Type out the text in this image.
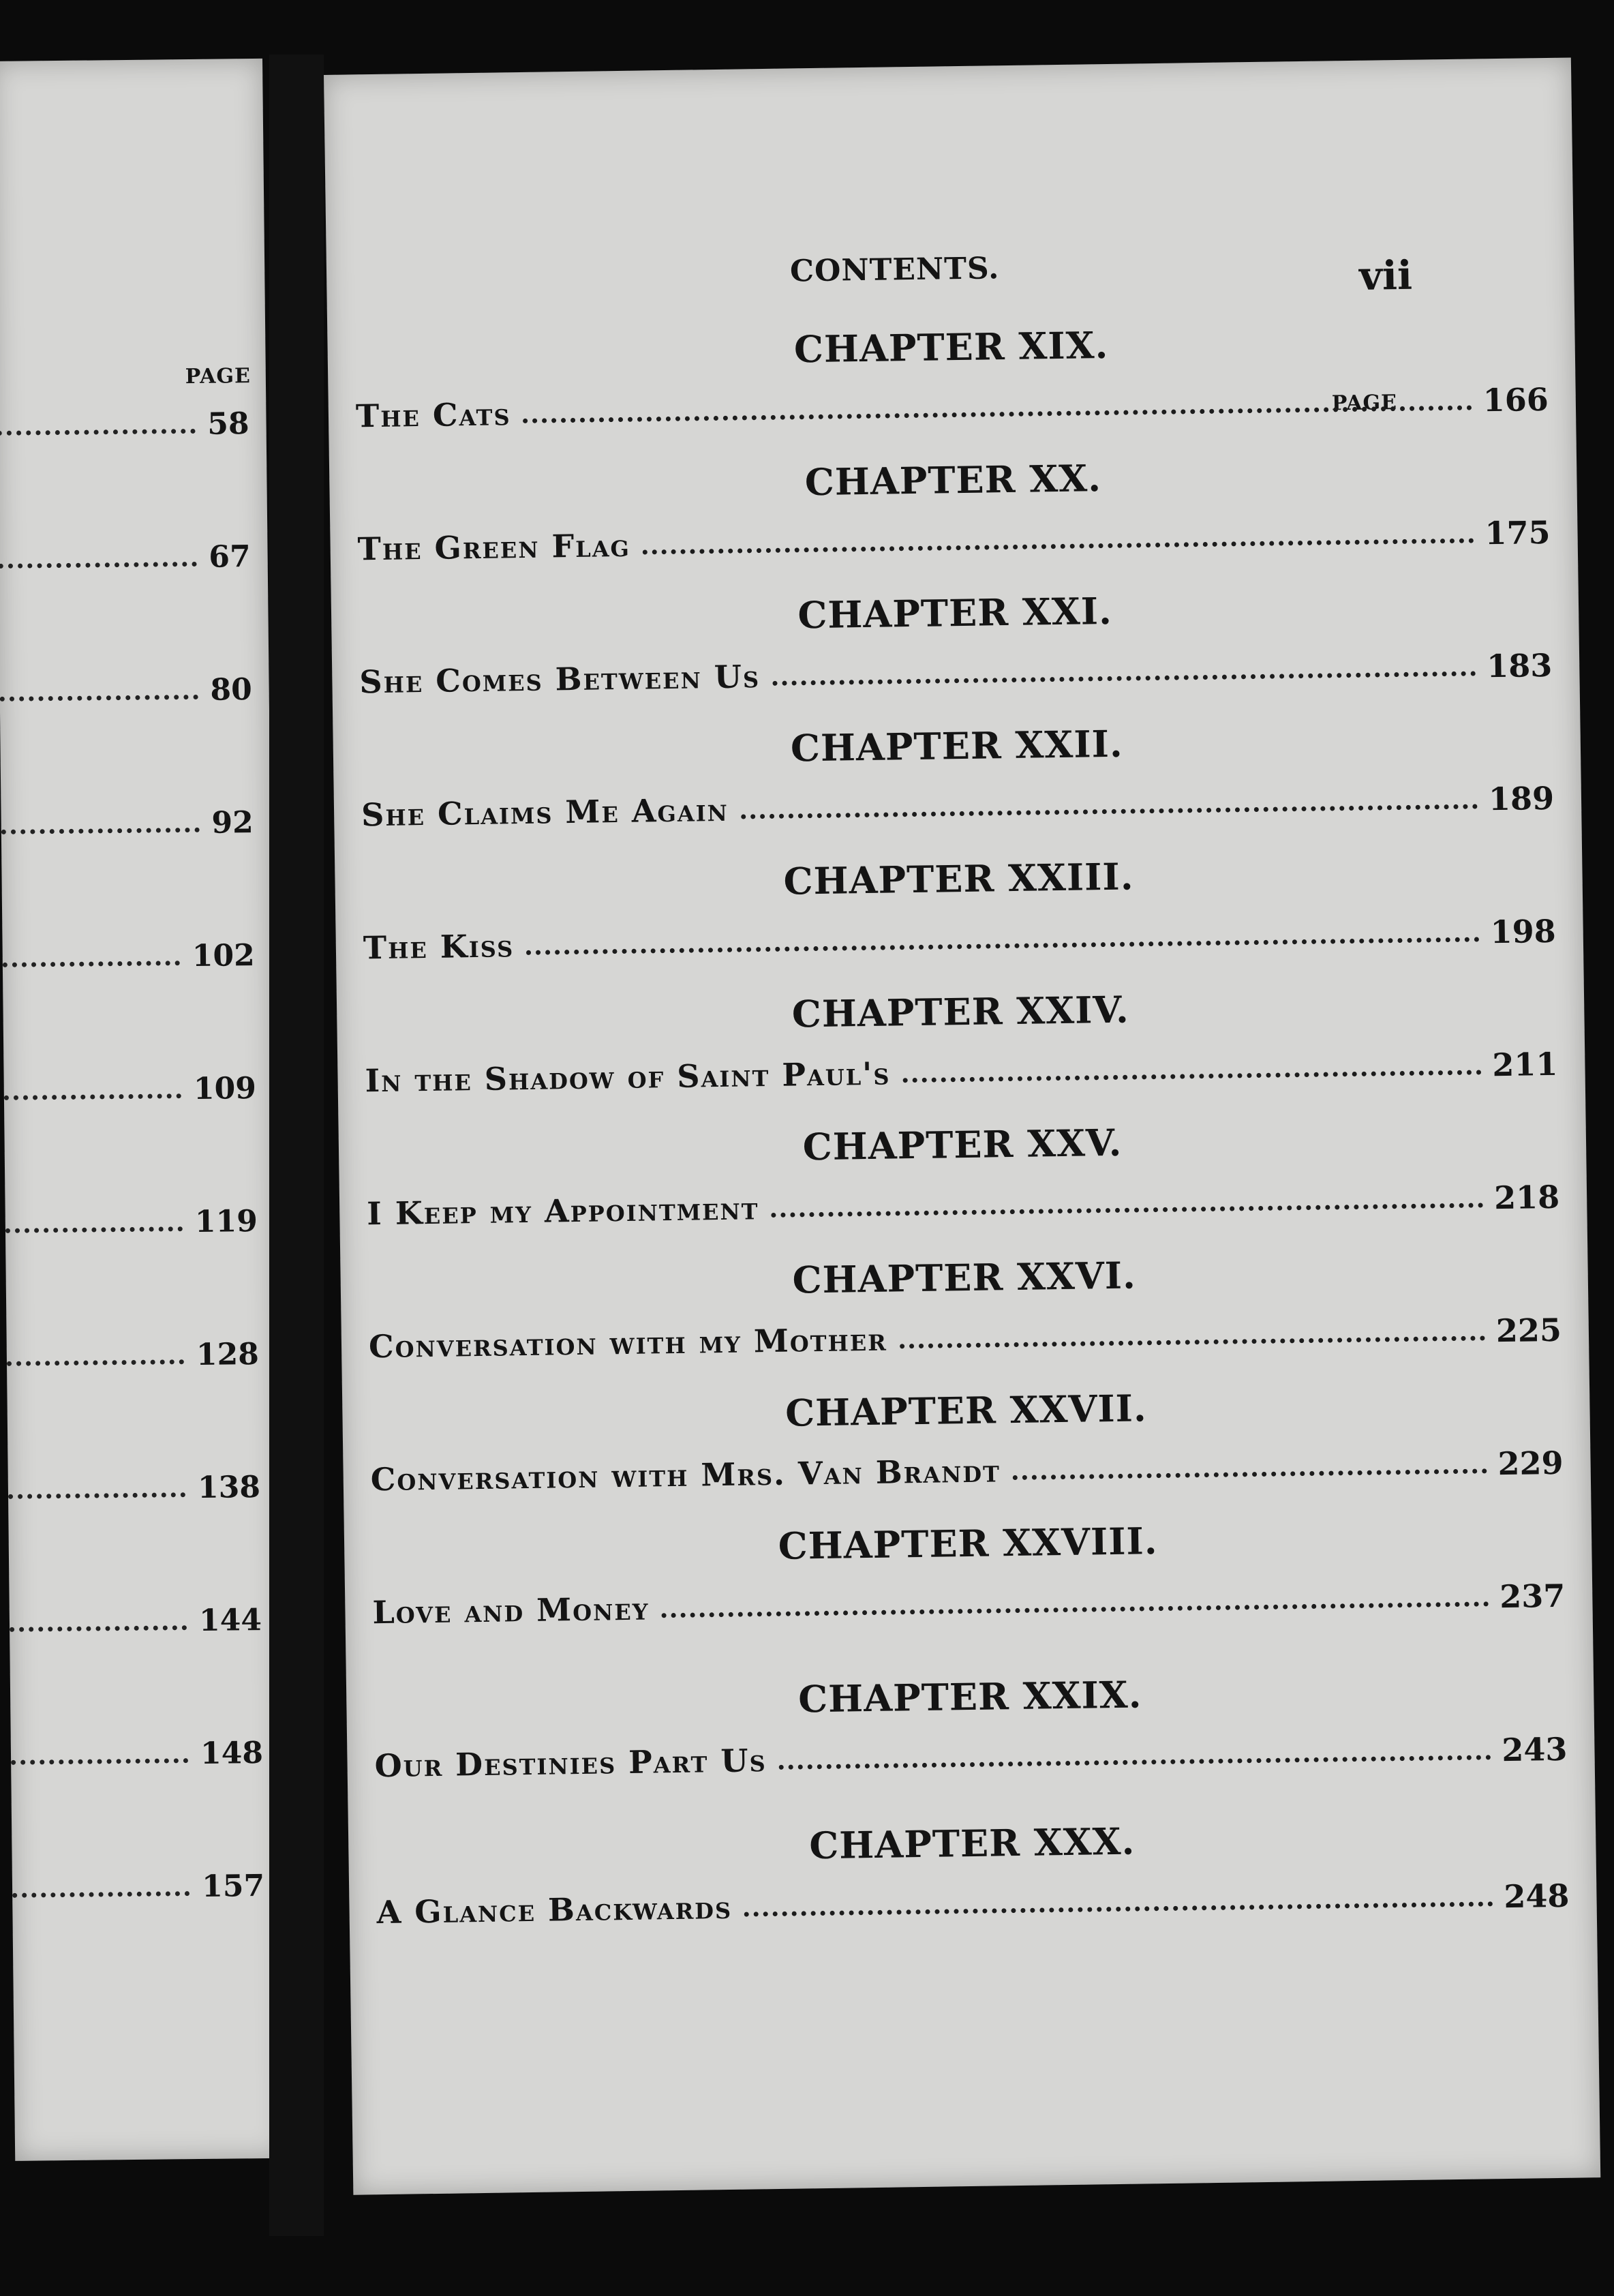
PAGE
58
67
80
92
102
109
119
128
138
144
148
157
CONTENTS.	vii
PAGE
CHAPTER XIX.
The Cats	166
CHAPTER XX.
The Green Flag	175
CHAPTER XXI.
She Comes Between Us	183
CHAPTER XXII.
She Claims Me Again	189
CHAPTER XXIII.
The Kiss	198
CHAPTER XXIV.
In the Shadow of Saint Paul's	211
CHAPTER XXV.
I Keep my Appointment	218
CHAPTER XXVI.
Conversation with my Mother	225
CHAPTER XXVII.
Conversation with Mrs. Van Brandt	229
CHAPTER XXVIII.
Love and Money	237
CHAPTER XXIX.
Our Destinies Part Us	243
CHAPTER XXX.
A Glance Backwards	248
